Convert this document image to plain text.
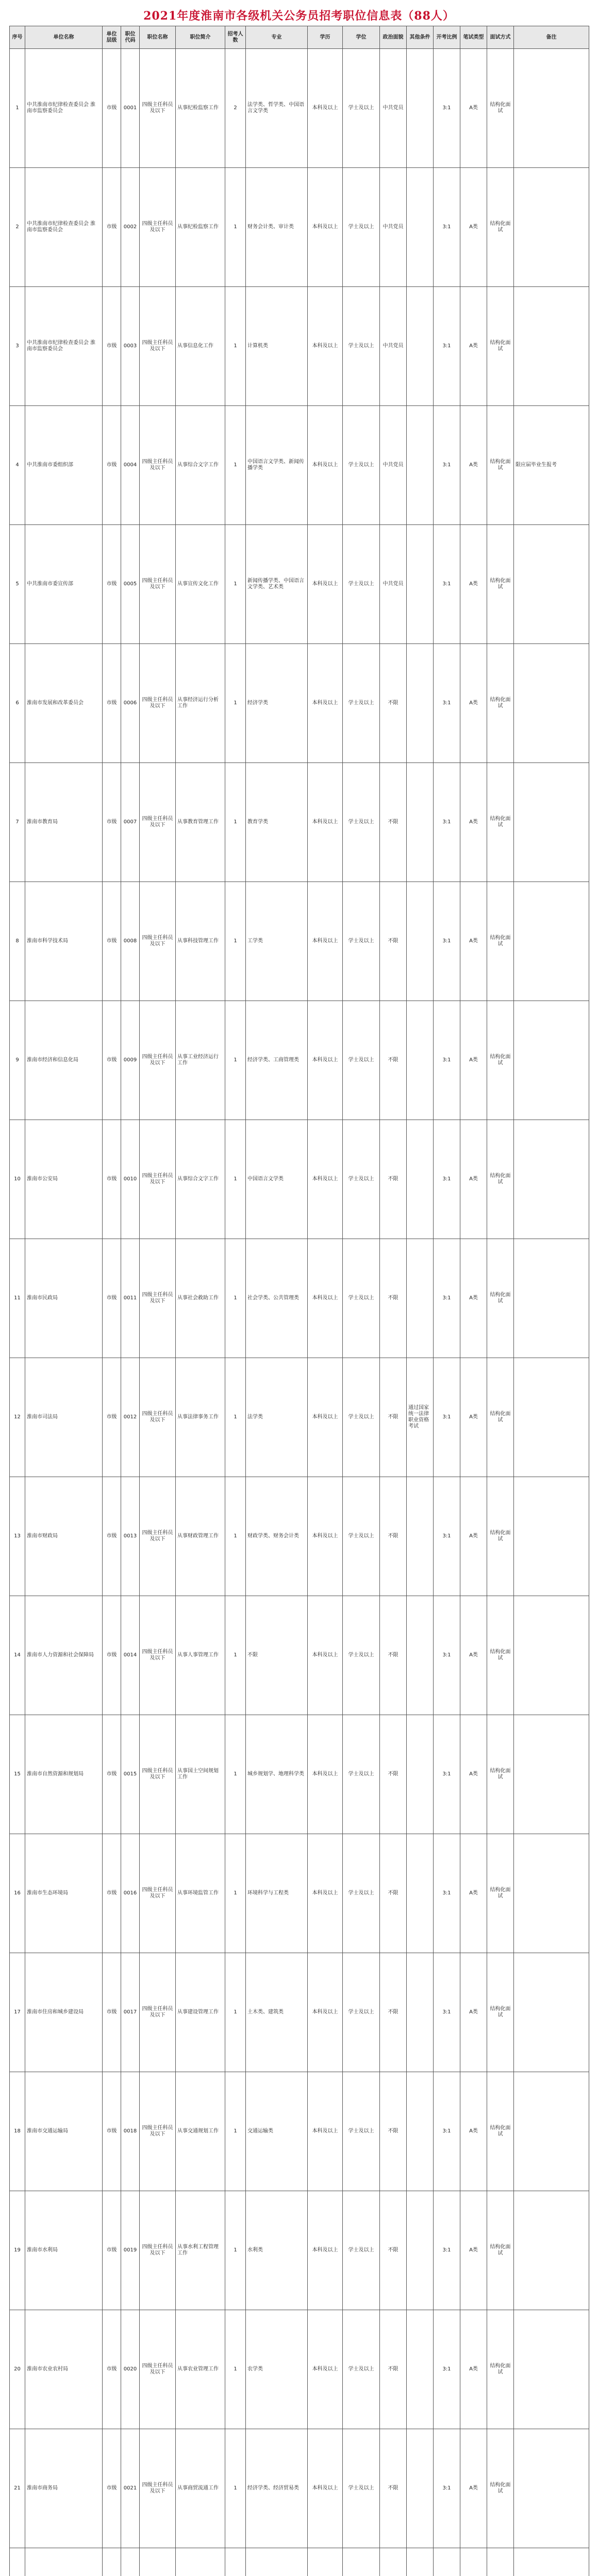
2021年度淮南市各级机关公务员招考职位信息表（88人）
序号	单位名称	单位层级	职位代码	职位名称	职位简介	招考人数	专业	学历	学位	政治面貌	其他条件	开考比例	笔试类型	面试方式	备注
1	中共淮南市纪律检查委员会 淮南市监察委员会	市级	0001	四级主任科员及以下	从事纪检监察工作	2	法学类、哲学类、中国语言文学类	本科及以上	学士及以上	中共党员		3:1	A类	结构化面试	
2	中共淮南市纪律检查委员会 淮南市监察委员会	市级	0002	四级主任科员及以下	从事纪检监察工作	1	财务会计类、审计类	本科及以上	学士及以上	中共党员		3:1	A类	结构化面试	
3	中共淮南市纪律检查委员会 淮南市监察委员会	市级	0003	四级主任科员及以下	从事信息化工作	1	计算机类	本科及以上	学士及以上	中共党员		3:1	A类	结构化面试	
4	中共淮南市委组织部	市级	0004	四级主任科员及以下	从事综合文字工作	1	中国语言文学类、新闻传播学类	本科及以上	学士及以上	中共党员		3:1	A类	结构化面试	限应届毕业生报考
5	中共淮南市委宣传部	市级	0005	四级主任科员及以下	从事宣传文化工作	1	新闻传播学类、中国语言文学类、艺术类	本科及以上	学士及以上	中共党员		3:1	A类	结构化面试	
6	淮南市发展和改革委员会	市级	0006	四级主任科员及以下	从事经济运行分析工作	1	经济学类	本科及以上	学士及以上	不限		3:1	A类	结构化面试	
7	淮南市教育局	市级	0007	四级主任科员及以下	从事教育管理工作	1	教育学类	本科及以上	学士及以上	不限		3:1	A类	结构化面试	
8	淮南市科学技术局	市级	0008	四级主任科员及以下	从事科技管理工作	1	工学类	本科及以上	学士及以上	不限		3:1	A类	结构化面试	
9	淮南市经济和信息化局	市级	0009	四级主任科员及以下	从事工业经济运行工作	1	经济学类、工商管理类	本科及以上	学士及以上	不限		3:1	A类	结构化面试	
10	淮南市公安局	市级	0010	四级主任科员及以下	从事综合文字工作	1	中国语言文学类	本科及以上	学士及以上	不限		3:1	A类	结构化面试	
11	淮南市民政局	市级	0011	四级主任科员及以下	从事社会救助工作	1	社会学类、公共管理类	本科及以上	学士及以上	不限		3:1	A类	结构化面试	
12	淮南市司法局	市级	0012	四级主任科员及以下	从事法律事务工作	1	法学类	本科及以上	学士及以上	不限	通过国家统一法律职业资格考试	3:1	A类	结构化面试	
13	淮南市财政局	市级	0013	四级主任科员及以下	从事财政管理工作	1	财政学类、财务会计类	本科及以上	学士及以上	不限		3:1	A类	结构化面试	
14	淮南市人力资源和社会保障局	市级	0014	四级主任科员及以下	从事人事管理工作	1	不限	本科及以上	学士及以上	不限		3:1	A类	结构化面试	
15	淮南市自然资源和规划局	市级	0015	四级主任科员及以下	从事国土空间规划工作	1	城乡规划学、地理科学类	本科及以上	学士及以上	不限		3:1	A类	结构化面试	
16	淮南市生态环境局	市级	0016	四级主任科员及以下	从事环境监管工作	1	环境科学与工程类	本科及以上	学士及以上	不限		3:1	A类	结构化面试	
17	淮南市住房和城乡建设局	市级	0017	四级主任科员及以下	从事建设管理工作	1	土木类、建筑类	本科及以上	学士及以上	不限		3:1	A类	结构化面试	
18	淮南市交通运输局	市级	0018	四级主任科员及以下	从事交通规划工作	1	交通运输类	本科及以上	学士及以上	不限		3:1	A类	结构化面试	
19	淮南市水利局	市级	0019	四级主任科员及以下	从事水利工程管理工作	1	水利类	本科及以上	学士及以上	不限		3:1	A类	结构化面试	
20	淮南市农业农村局	市级	0020	四级主任科员及以下	从事农业管理工作	1	农学类	本科及以上	学士及以上	不限		3:1	A类	结构化面试	
21	淮南市商务局	市级	0021	四级主任科员及以下	从事商贸流通工作	1	经济学类、经济贸易类	本科及以上	学士及以上	不限		3:1	A类	结构化面试	
